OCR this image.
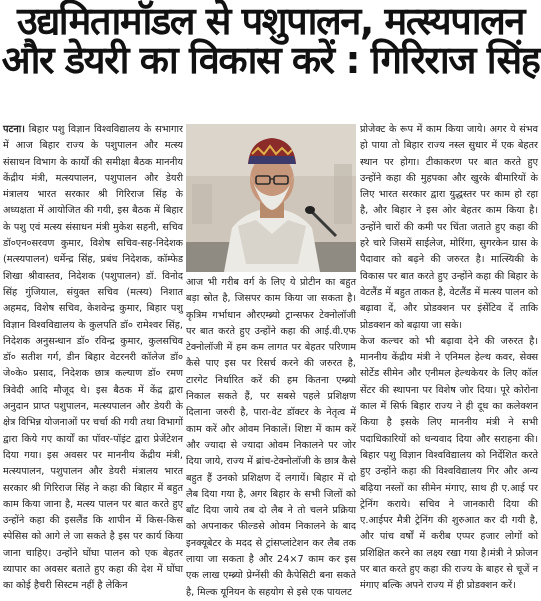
उद्यमितामॉडल से पशुपालन, मत्स्यपालन
और डेयरी का विकास करें : गिरिराज सिंह

पटना। बिहार पशु विज्ञान विश्वविद्यालय के सभागार में आज बिहार राज्य के पशुपालन और मत्स्य संसाधन विभाग के कार्यों की समीक्षा बैठक माननीय केंद्रीय मंत्री, मत्स्यपालन, पशुपालन और डेयरी मंत्रालय भारत सरकार श्री गिरिराज सिंह के अध्यक्षता में आयोजित की गयी, इस बैठक में बिहार के पशु एवं मत्स्य संसाधन मंत्री मुकेश सहनी, सचिव डॉ०एन०सरवण कुमार, विशेष सचिव-सह-निदेशक (मत्स्यपालन) धर्मेन्द्र सिंह, प्रबंध निदेशक, कॉम्फेड शिखा श्रीवास्तव, निदेशक (पशुपालन) डॉ. विनोद सिंह गुंजियाल, संयुक्त सचिव (मत्स्य) निशात अहमद, विशेष सचिव, केशवेन्द्र कुमार, बिहार पशु विज्ञान विश्वविद्यालय के कुलपति डॉ० रामेश्वर सिंह, निदेशक अनुसन्धान डॉ० रविन्द्र कुमार, कुलसचिव डॉ० सतीश गर्ग, डीन बिहार वेटरनरी कॉलेज डॉ० जे०के० प्रसाद, निदेशक छात्र कल्याण डॉ० रमण त्रिवेदी आदि मौजूद थे। इस बैठक में केंद्र द्वारा अनुदान प्राप्त पशुपालन, मत्स्यपालन और डेयरी के क्षेत्र विभिन्न योजनाओं पर चर्चा की गयी तथा विभागों द्वारा किये गए कार्यों का पॉवर-पॉइंट द्वारा प्रेजेंटेशन दिया गया। इस अवसर पर माननीय केंद्रीय मंत्री, मत्स्यपालन, पशुपालन और डेयरी मंत्रालय भारत सरकार श्री गिरिराज सिंह ने कहा की बिहार में बहुत काम किया जाना है, मत्स्य पालन पर बात करते हुए उन्होंने कहा की इसलैंड कि शापीन में किस-किस स्पेसिस को आगे ले जा सकते है इस पर कार्य किया जाना चाहिए। उन्होंने घोंघा पालन को एक बेहतर व्यापार का अवसर बताते हुए कहा की देश में घोंघा का कोई हैचरी सिस्टम नहीं है लेकिन

आज भी गरीब वर्ग के लिए ये प्रोटीन का बहुत बड़ा स्रोत है, जिसपर काम किया जा सकता है।कृत्रिम गर्भाधान औरएम्ब्र्यो ट्रान्सफर टेक्नोलॉजी पर बात करते हुए उन्होंने कहा की आई.वी.एफ टेक्नोलॉजी में हम कम लागत पर बेहतर परिणाम कैसे पाए इस पर रिसर्च करने की जरुरत है, टारगेट निर्धारित करें की हम कितना एम्ब्र्यो निकाल सकते हैं, पर सबसे पहले प्रशिक्षण दिलाना जरुरी है, पारा-वेट डॉक्टर के नेतृत्व में काम करें और ओवम निकालें। शिष्टा में काम करें और ज्यादा से ज्यादा ओवम निकालने पर जोर दिया जाये, राज्य में ब्रांच-टेक्नोलॉजी के छात्र कैसे बहुत हैं उनको प्रशिक्षण दें लगायें। बिहार में दो लैब दिया गया है, अगर बिहार के सभी जिलों को बाँट दिया जाये तब दो लैब ने तो चलने प्रक्रिया को अपनाकर फील्डसे ओवम निकालने के बाद इनक्यूबेटर के मदद से ट्रांसप्लांटेशन कर लैब तक लाया जा सकता है और 24×7 काम कर इस एक लाख एम्ब्र्यो प्रेग्नेंसी की कैपेसिटी बना सकते है, मिल्क यूनियन के सहयोग से इसे एक पायलट

प्रोजेक्ट के रूप में काम किया जाये। अगर ये संभव हो पाया तो बिहार राज्य नस्ल सुधार में एक बेहतर स्थान पर होगा। टीकाकरण पर बात करते हुए उन्होंने कहा की मुहपका और खुरके बीमारियों के लिए भारत सरकार द्वारा युद्धस्तर पर काम हो रहा है, और बिहार ने इस ओर बेहतर काम किया है। उन्होंने चारों की कमी पर चिंता जताते हुए कहा की हरे चारे जिसमें साईलेज, मोरिंगा, सुगरकेन ग्रास के पैदावार को बढ़ने की जरुरत है। मात्स्यिकी के विकास पर बात करते हुए उन्होंने कहा की बिहार के वेटलैंड में बहुत ताकत है, वेटलैंड में मत्स्य पालन को बढ़ावा दें, और प्रोडक्शन पर इंसेंटिव दें ताकि प्रोडक्शन को बढ़ाया जा सके।

केज कल्चर को भी बढ़ावा देने की जरुरत है। माननीय केंद्रीय मंत्री ने एनिमल हेल्थ कवर, सेक्स सोर्टेड सीमेन और एनीमल हेल्थकेयर के लिए कॉल सेंटर की स्थापना पर विशेष जोर दिया। पूरे कोरोना काल में सिर्फ बिहार राज्य ने ही दूध का कलेक्शन किया है इसके लिए माननीय मंत्री ने सभी पदाधिकारियों को धन्यवाद दिया और सराहना की। बिहार पशु विज्ञान विश्वविद्यालय को निर्देशित करते हुए उन्होंने कहा की विश्वविद्यालय गिर और अन्य बढ़िया नस्लों का सीमेन मंगाए, साथ ही ए.आई पर ट्रेनिंग कराये। सचिव ने जानकारी दिया की ए.आईपर मैत्री ट्रेनिंग की शुरुआत कर दी गयी है, और पांच वर्षों में करीब एप्पर हजार लोगों को प्रशिक्षित करने का लक्ष्य रखा गया है।मंत्री ने फ्रोजन पर बात करते हुए कहा की राज्य के बाहर से चूजें न मंगाए बल्कि अपने राज्य में ही प्रोडक्शन करें।
